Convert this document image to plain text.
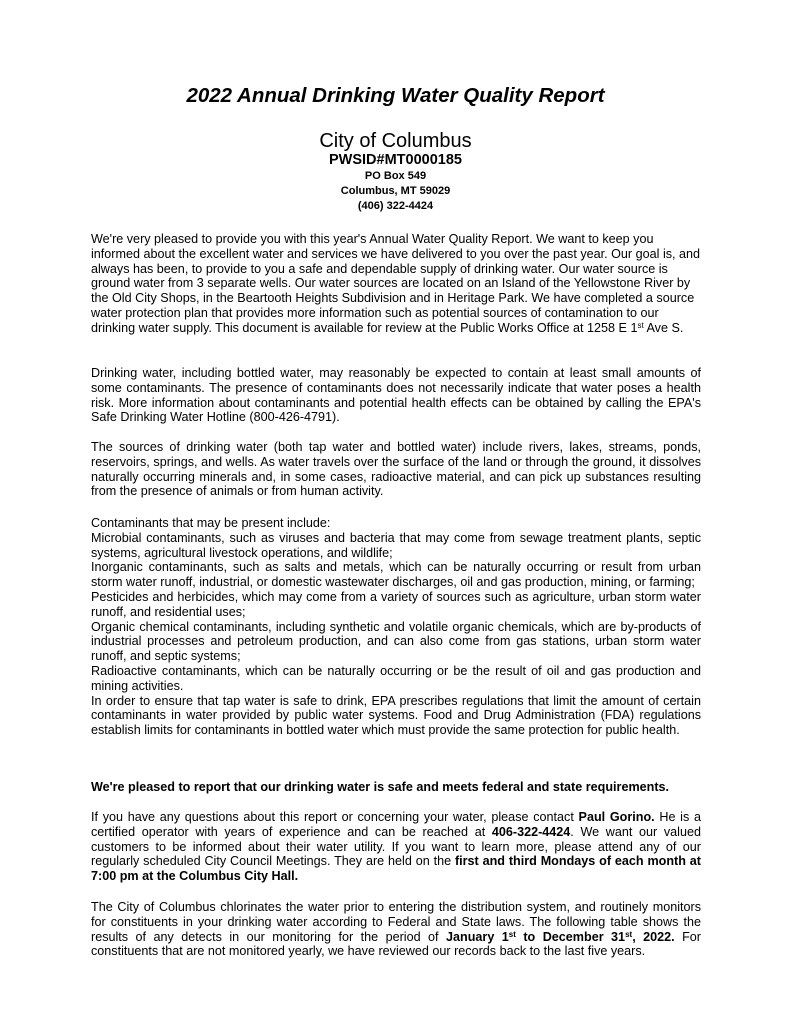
2022 Annual Drinking Water Quality Report
City of Columbus
PWSID#MT0000185
PO Box 549
Columbus, MT 59029
(406) 322-4424

We're very pleased to provide you with this year's Annual Water Quality Report. We want to keep you informed about the excellent water and services we have delivered to you over the past year. Our goal is, and always has been, to provide to you a safe and dependable supply of drinking water. Our water source is ground water from 3 separate wells. Our water sources are located on an Island of the Yellowstone River by the Old City Shops, in the Beartooth Heights Subdivision and in Heritage Park. We have completed a source water protection plan that provides more information such as potential sources of contamination to our drinking water supply. This document is available for review at the Public Works Office at 1258 E 1st Ave S.

Drinking water, including bottled water, may reasonably be expected to contain at least small amounts of some contaminants. The presence of contaminants does not necessarily indicate that water poses a health risk. More information about contaminants and potential health effects can be obtained by calling the EPA's Safe Drinking Water Hotline (800-426-4791).

The sources of drinking water (both tap water and bottled water) include rivers, lakes, streams, ponds, reservoirs, springs, and wells. As water travels over the surface of the land or through the ground, it dissolves naturally occurring minerals and, in some cases, radioactive material, and can pick up substances resulting from the presence of animals or from human activity.

Contaminants that may be present include:

Microbial contaminants, such as viruses and bacteria that may come from sewage treatment plants, septic systems, agricultural livestock operations, and wildlife;

Inorganic contaminants, such as salts and metals, which can be naturally occurring or result from urban storm water runoff, industrial, or domestic wastewater discharges, oil and gas production, mining, or farming;

Pesticides and herbicides, which may come from a variety of sources such as agriculture, urban storm water runoff, and residential uses;

Organic chemical contaminants, including synthetic and volatile organic chemicals, which are by-products of industrial processes and petroleum production, and can also come from gas stations, urban storm water runoff, and septic systems;

Radioactive contaminants, which can be naturally occurring or be the result of oil and gas production and mining activities.

In order to ensure that tap water is safe to drink, EPA prescribes regulations that limit the amount of certain contaminants in water provided by public water systems. Food and Drug Administration (FDA) regulations establish limits for contaminants in bottled water which must provide the same protection for public health.

We're pleased to report that our drinking water is safe and meets federal and state requirements.

If you have any questions about this report or concerning your water, please contact Paul Gorino. He is a certified operator with years of experience and can be reached at 406-322-4424. We want our valued customers to be informed about their water utility. If you want to learn more, please attend any of our regularly scheduled City Council Meetings. They are held on the first and third Mondays of each month at 7:00 pm at the Columbus City Hall.

The City of Columbus chlorinates the water prior to entering the distribution system, and routinely monitors for constituents in your drinking water according to Federal and State laws. The following table shows the results of any detects in our monitoring for the period of January 1st to December 31st, 2022. For constituents that are not monitored yearly, we have reviewed our records back to the last five years.
